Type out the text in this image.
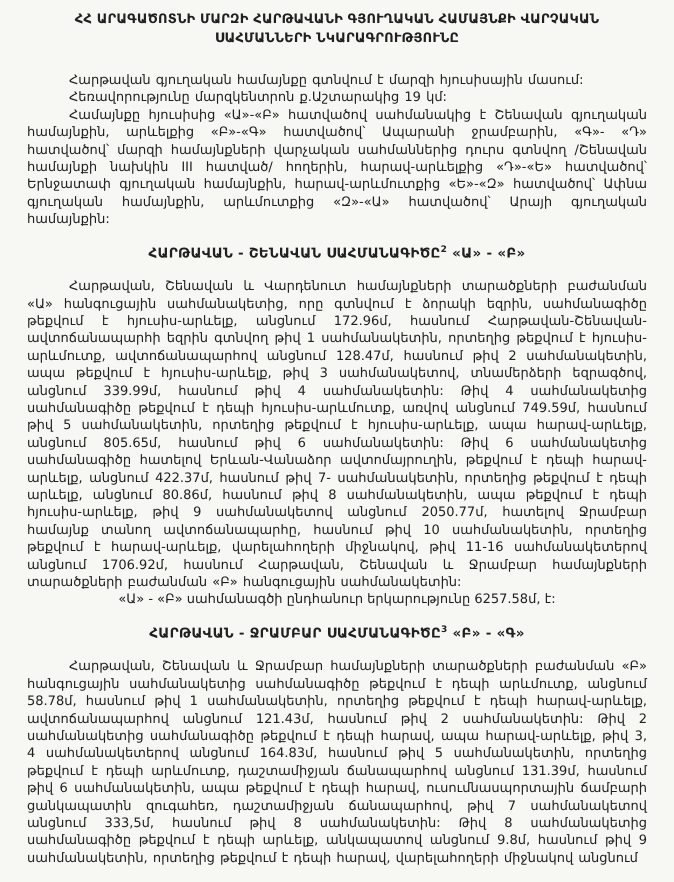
ՀՀ ԱՐԱԳԱԾՈՏՆԻ ՄԱՐԶԻ ՀԱՐԹԱՎԱՆԻ ԳՅՈՒՂԱԿԱՆ ՀԱՄԱՅՆՔԻ ՎԱՐՉԱԿԱՆ
ՍԱՀՄԱՆՆԵՐԻ ՆԿԱՐԱԳՐՈՒԹՅՈՒՆԸ

Հարթավան գյուղական համայնքը գտնվում է մարզի հյուսիսային մասում:

Հեռավորությունը մարզկենտրոն ք.Աշտարակից 19 կմ:

Համայնքը հյուսիսից «Ա»-«Բ» հատվածով սահմանակից է Շենավան գյուղական համայնքին, արևելքից «Բ»-«Գ» հատվածով՝ Ապարանի ջրամբարին, «Գ»- «Դ» հատվածով՝ մարզի համայնքների վարչական սահմաններից դուրս գտնվող /Շենավան համայնքի նախկին III հատված/ հողերին, հարավ-արևելքից «Դ»-«Ե» հատվածով՝ Երնջատափ գյուղական համայնքին, հարավ-արևմուտքից «Ե»-«Զ» հատվածով՝ Ափնա գյուղական համայնքին, արևմուտքից «Զ»-«Ա» հատվածով՝ Արայի գյուղական համայնքին:

ՀԱՐԹԱՎԱՆ - ՇԵՆԱՎԱՆ ՍԱՀՄԱՆԱԳԻԾԸ$^2$ «Ա» - «Բ»

Հարթավան, Շենավան և Վարդենուտ համայնքների տարածքների բաժանման «Ա» հանգուցային սահմանակետից, որը գտնվում է ձորակի եզրին, սահմանագիծը թեքվում է հյուսիս-արևելք, անցնում 172.96մ, հասնում Հարթավան-Շենավան- ավտոճանապարհի եզրին գտնվող թիվ 1 սահմանակետին, որտեղից թեքվում է հյուսիս-արևմուտք, ավտոճանապարհով անցնում 128.47մ, հասնում թիվ 2 սահմանակետին, ապա թեքվում է հյուսիս-արևելք, թիվ 3 սահմանակետով, տնամերձերի եզրագծով, անցնում 339.99մ, հասնում թիվ 4 սահմանակետին: Թիվ 4 սահմանակետից սահմանագիծը թեքվում է դեպի հյուսիս-արևմուտք, առվով անցնում 749.59մ, հասնում թիվ 5 սահմանակետին, որտեղից թեքվում է հյուսիս-արևելք, ապա հարավ-արևելք, անցնում 805.65մ, հասնում թիվ 6 սահմանակետին: Թիվ 6 սահմանակետից սահմանագիծը հատելով Երևան-Վանաձոր ավտոմայրուղին, թեքվում է դեպի հարավ-արևելք, անցնում 422.37մ, հասնում թիվ 7- սահմանակետին, որտեղից թեքվում է դեպի արևելք, անցնում 80.86մ, հասնում թիվ 8 սահմանակետին, ապա թեքվում է դեպի հյուսիս-արևելք, թիվ 9 սահմանակետով անցնում 2050.77մ, հատելով Ջրամբար համայնք տանող ավտոճանապարհը, հասնում թիվ 10 սահմանակետին, որտեղից թեքվում է հարավ-արևելք, վարելահողերի միջնակով, թիվ 11-16 սահմանակետերով անցնում 1706.92մ, հասնում Հարթավան, Շենավան և Ջրամբար համայնքների տարածքների բաժանման «Բ» հանգուցային սահմանակետին:

«Ա» - «Բ» սահմանագծի ընդհանուր երկարությունը 6257.58մ, է:

ՀԱՐԹԱՎԱՆ - ՋՐԱՄԲԱՐ ՍԱՀՄԱՆԱԳԻԾԸ$^3$ «Բ» - «Գ»

Հարթավան, Շենավան և Ջրամբար համայնքների տարածքների բաժանման «Բ» հանգուցային սահմանակետից սահմանագիծը թեքվում է դեպի արևմուտք, անցնում 58.78մ, հասնում թիվ 1 սահմանակետին, որտեղից թեքվում է դեպի հարավ-արևելք, ավտոճանապարհով անցնում 121.43մ, հասնում թիվ 2 սահմանակետին: Թիվ 2 սահմանակետից սահմանագիծը թեքվում է դեպի հարավ, ապա հարավ-արևելք, թիվ 3, 4 սահմանակետերով անցնում 164.83մ, հասնում թիվ 5 սահմանակետին, որտեղից թեքվում է դեպի արևմուտք, դաշտամիջյան ճանապարհով անցնում 131.39մ, հասնում թիվ 6 սահմանակետին, ապա թեքվում է դեպի հարավ, ուսումնասպորտային ճամբարի ցանկապատին զուգահեռ, դաշտամիջյան ճանապարհով, թիվ 7 սահմանակետով անցնում 333,5մ, հասնում թիվ 8 սահմանակետին: Թիվ 8 սահմանակետից սահմանագիծը թեքվում է դեպի արևելք, անկապատով անցնում 9.8մ, հասնում թիվ 9 սահմանակետին, որտեղից թեքվում է դեպի հարավ, վարելահողերի միջնակով անցնում
